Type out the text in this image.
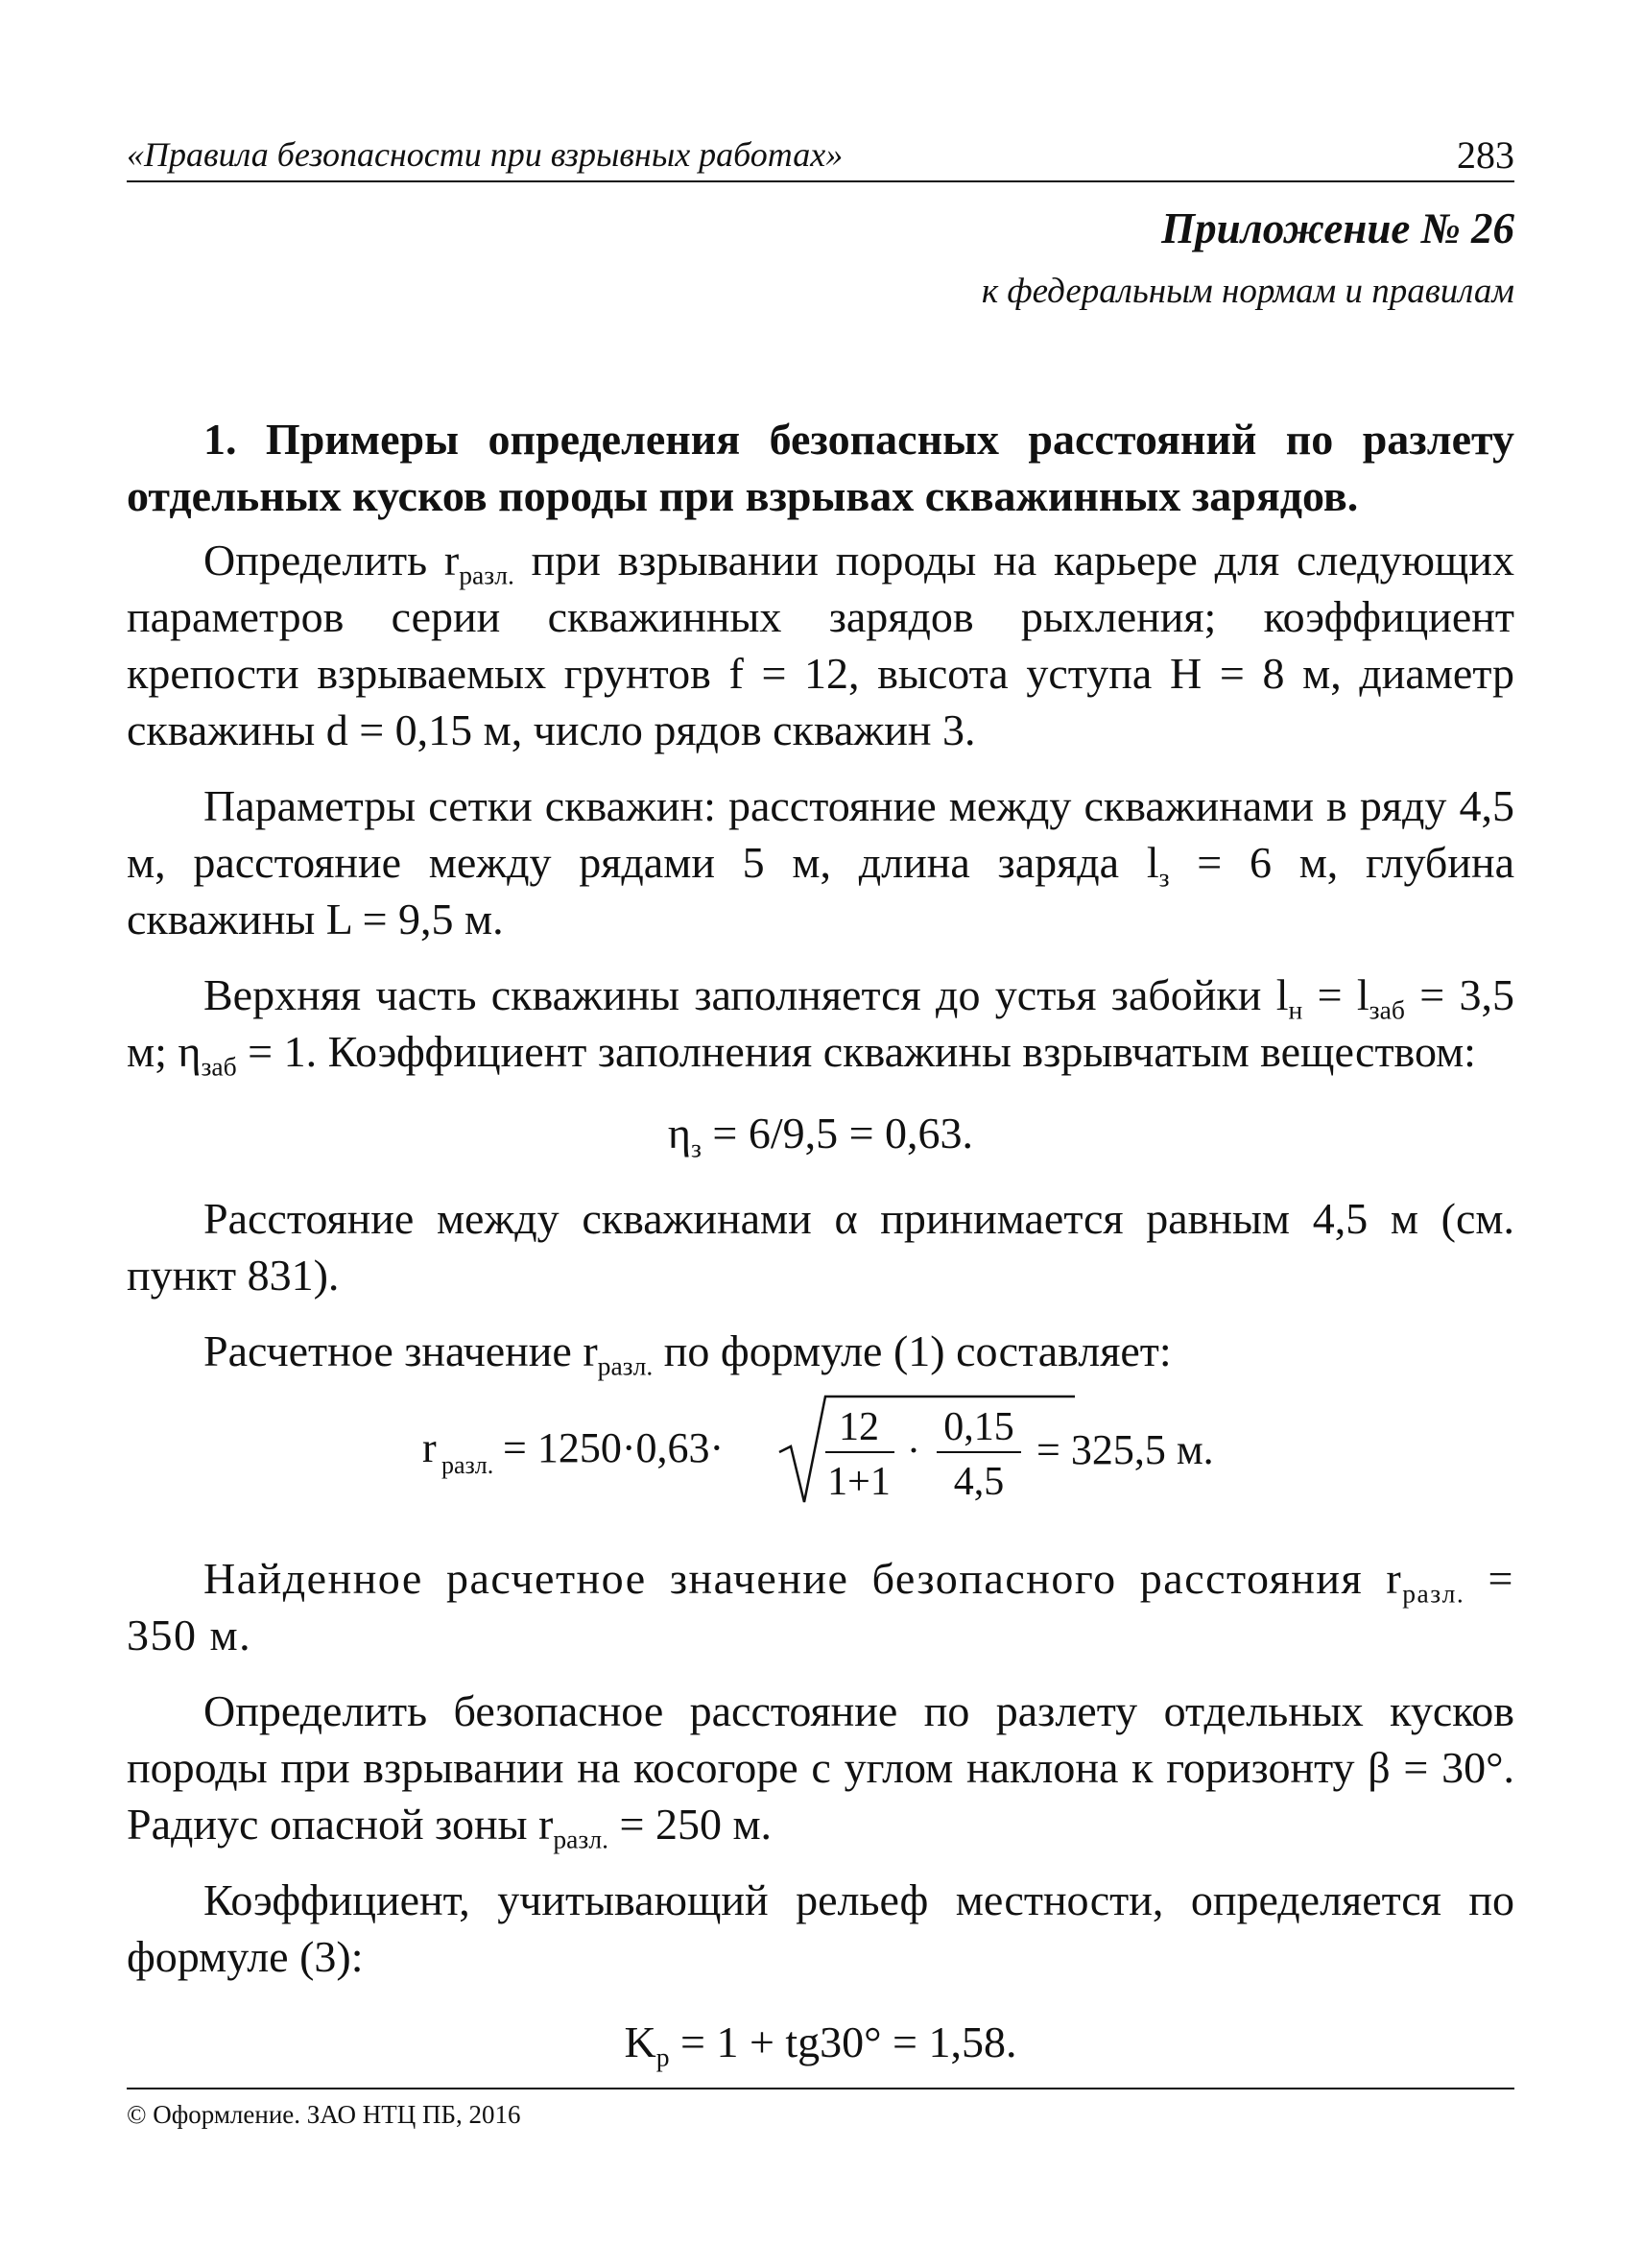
«Правила безопасности при взрывных работах»	283
Приложение № 26
к федеральным нормам и правилам

1. Примеры определения безопасных расстояний по разлету отдельных кусков породы при взрывах скважинных зарядов.

Определить $r_{разл.}$ при взрывании породы на карьере для следующих параметров серии скважинных зарядов рыхления; коэффициент крепости взрываемых грунтов f = 12, высота уступа Н = 8 м, диаметр скважины d = 0,15 м, число рядов скважин 3.

Параметры сетки скважин: расстояние между скважинами в ряду 4,5 м, расстояние между рядами 5 м, длина заряда $l_з = 6$ м, глубина скважины L = 9,5 м.

Верхняя часть скважины заполняется до устья забойки $l_н = l_{заб} = 3,5$ м; $\eta_{заб} = 1$. Коэффициент заполнения скважины взрывчатым веществом:

$\eta_з = 6/9,5 = 0,63$.

Расстояние между скважинами α принимается равным 4,5 м (см. пункт 831).

Расчетное значение $r_{разл.}$ по формуле (1) составляет:

r разл. = 1250·0,63·	12
1+1
·
0,15
4,5
= 325,5 м.

Найденное расчетное значение безопасного расстояния $r_{разл.} = 350$ м.

Определить безопасное расстояние по разлету отдельных кусков породы при взрывании на косогоре с углом наклона к горизонту β = 30°. Радиус опасной зоны $r_{разл.} = 250$ м.

Коэффициент, учитывающий рельеф местности, определяется по формуле (3):

$K_р = 1 + tg30^\circ = 1,58$.

© Оформление. ЗАО НТЦ ПБ, 2016
